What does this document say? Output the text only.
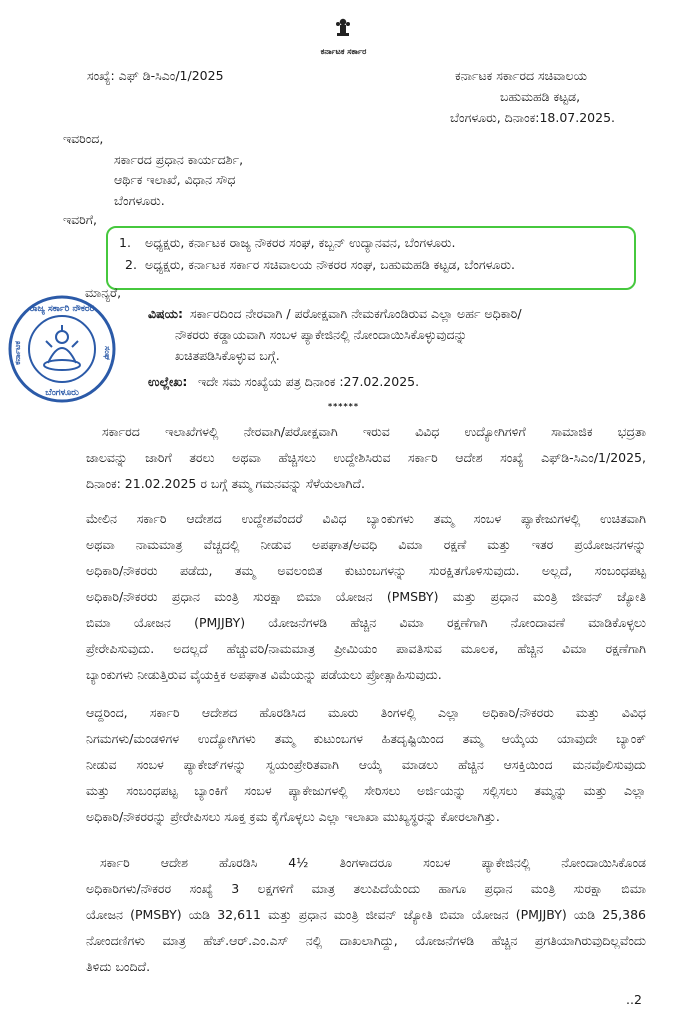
ಕರ್ನಾಟಕ ಸರ್ಕಾರ
ಸಂಖ್ಯೆ: ಎಫ್ ಡಿ-ಸಿಎಂ/1/2025	ಕರ್ನಾಟಕ ಸರ್ಕಾರದ ಸಚಿವಾಲಯ
ಬಹುಮಹಡಿ ಕಟ್ಟಡ,
ಬೆಂಗಳೂರು, ದಿನಾಂಕ:18.07.2025.
ಇವರಿಂದ,
ಸರ್ಕಾರದ ಪ್ರಧಾನ ಕಾರ್ಯದರ್ಶಿ,
ಆರ್ಥಿಕ ಇಲಾಖೆ, ವಿಧಾನ ಸೌಧ
ಬೆಂಗಳೂರು.
ಇವರಿಗೆ,
1. ಅಧ್ಯಕ್ಷರು, ಕರ್ನಾಟಕ ರಾಜ್ಯ ನೌಕರರ ಸಂಘ, ಕಬ್ಬನ್ ಉದ್ಯಾನವನ, ಬೆಂಗಳೂರು.
2. ಅಧ್ಯಕ್ಷರು, ಕರ್ನಾಟಕ ಸರ್ಕಾರ ಸಚಿವಾಲಯ ನೌಕರರ ಸಂಘ, ಬಹುಮಹಡಿ ಕಟ್ಟಡ, ಬೆಂಗಳೂರು.
ಮಾನ್ಯರೆ,
ರಾಜ್ಯ ಸರ್ಕಾರಿ ನೌಕರರ
ಕರ್ನಾಟಕ	ಸಂಘ
ಬೆಂಗಳೂರು
ವಿಷಯ: ಸರ್ಕಾರದಿಂದ ನೇರವಾಗಿ / ಪರೋಕ್ಷವಾಗಿ ನೇಮಕಗೊಂಡಿರುವ ಎಲ್ಲಾ ಅರ್ಹ ಅಧಿಕಾರಿ/
ನೌಕರರು ಕಡ್ಡಾಯವಾಗಿ ಸಂಬಳ ಪ್ಯಾಕೇಜಿನಲ್ಲಿ ನೋಂದಾಯಿಸಿಕೊಳ್ಳುವುದನ್ನು
ಖಚಿತಪಡಿಸಿಕೊಳ್ಳುವ ಬಗ್ಗೆ.
ಉಲ್ಲೇಖ: ಇದೇ ಸಮ ಸಂಖ್ಯೆಯ ಪತ್ರ ದಿನಾಂಕ :27.02.2025.
******
ಸರ್ಕಾರದ ಇಲಾಖೆಗಳಲ್ಲಿ ನೇರವಾಗಿ/ಪರೋಕ್ಷವಾಗಿ ಇರುವ ವಿವಿಧ ಉದ್ಯೋಗಿಗಳಿಗೆ ಸಾಮಾಜಿಕ ಭದ್ರತಾ
ಜಾಲವನ್ನು ಜಾರಿಗೆ ತರಲು ಅಥವಾ ಹೆಚ್ಚಿಸಲು ಉದ್ದೇಶಿಸಿರುವ ಸರ್ಕಾರಿ ಆದೇಶ ಸಂಖ್ಯೆ ಎಫ್‌ಡಿ-ಸಿಎಂ/1/2025,
ದಿನಾಂಕ: 21.02.2025 ರ ಬಗ್ಗೆ ತಮ್ಮ ಗಮನವನ್ನು ಸೆಳೆಯಲಾಗಿದೆ.
ಮೇಲಿನ ಸರ್ಕಾರಿ ಆದೇಶದ ಉದ್ದೇಶವೆಂದರೆ ವಿವಿಧ ಬ್ಯಾಂಕುಗಳು ತಮ್ಮ ಸಂಬಳ ಪ್ಯಾಕೇಜುಗಳಲ್ಲಿ ಉಚಿತವಾಗಿ
ಅಥವಾ ನಾಮಮಾತ್ರ ವೆಚ್ಚದಲ್ಲಿ ನೀಡುವ ಅಪಘಾತ/ಅವಧಿ ವಿಮಾ ರಕ್ಷಣೆ ಮತ್ತು ಇತರ ಪ್ರಯೋಜನಗಳನ್ನು
ಅಧಿಕಾರಿ/ನೌಕರರು ಪಡೆದು, ತಮ್ಮ ಅವಲಂಬಿತ ಕುಟುಂಬಗಳನ್ನು ಸುರಕ್ಷಿತಗೊಳಿಸುವುದು. ಅಲ್ಲದೆ, ಸಂಬಂಧಪಟ್ಟ
ಅಧಿಕಾರಿ/ನೌಕರರು ಪ್ರಧಾನ ಮಂತ್ರಿ ಸುರಕ್ಷಾ ಬಿಮಾ ಯೋಜನ (PMSBY) ಮತ್ತು ಪ್ರಧಾನ ಮಂತ್ರಿ ಜೀವನ್ ಜ್ಯೋತಿ
ಬಿಮಾ ಯೋಜನ (PMJJBY) ಯೋಜನೆಗಳಡಿ ಹೆಚ್ಚಿನ ವಿಮಾ ರಕ್ಷಣೆಗಾಗಿ ನೋಂದಾವಣೆ ಮಾಡಿಕೊಳ್ಳಲು
ಪ್ರೇರೇಪಿಸುವುದು. ಅದಲ್ಲದೆ ಹೆಚ್ಚುವರಿ/ನಾಮಮಾತ್ರ ಪ್ರೀಮಿಯಂ ಪಾವತಿಸುವ ಮೂಲಕ, ಹೆಚ್ಚಿನ ವಿಮಾ ರಕ್ಷಣೆಗಾಗಿ
ಬ್ಯಾಂಕುಗಳು ನೀಡುತ್ತಿರುವ ವೈಯಕ್ತಿಕ ಅಪಘಾತ ವಿಮೆಯನ್ನು ಪಡೆಯಲು ಪ್ರೋತ್ಸಾಹಿಸುವುದು.
ಆದ್ದರಿಂದ, ಸರ್ಕಾರಿ ಆದೇಶದ ಹೊರಡಿಸಿದ ಮೂರು ತಿಂಗಳಲ್ಲಿ ಎಲ್ಲಾ ಅಧಿಕಾರಿ/ನೌಕರರು ಮತ್ತು ವಿವಿಧ
ನಿಗಮಗಳು/ಮಂಡಳಿಗಳ ಉದ್ಯೋಗಿಗಳು ತಮ್ಮ ಕುಟುಂಬಗಳ ಹಿತದೃಷ್ಟಿಯಿಂದ ತಮ್ಮ ಆಯ್ಕೆಯ ಯಾವುದೇ ಬ್ಯಾಂಕ್
ನೀಡುವ ಸಂಬಳ ಪ್ಯಾಕೇಜ್‌ಗಳನ್ನು ಸ್ವಯಂಪ್ರೇರಿತವಾಗಿ ಆಯ್ಕೆ ಮಾಡಲು ಹೆಚ್ಚಿನ ಆಸಕ್ತಿಯಿಂದ ಮನವೊಲಿಸುವುದು
ಮತ್ತು ಸಂಬಂಧಪಟ್ಟ ಬ್ಯಾಂಕಿಗೆ ಸಂಬಳ ಪ್ಯಾಕೇಜುಗಳಲ್ಲಿ ಸೇರಿಸಲು ಅರ್ಜಿಯನ್ನು ಸಲ್ಲಿಸಲು ತಮ್ಮನ್ನು ಮತ್ತು ಎಲ್ಲಾ
ಅಧಿಕಾರಿ/ನೌಕರರನ್ನು ಪ್ರೇರೇಪಿಸಲು ಸೂಕ್ತ ಕ್ರಮ ಕೈಗೊಳ್ಳಲು ಎಲ್ಲಾ ಇಲಾಖಾ ಮುಖ್ಯಸ್ಥರನ್ನು ಕೋರಲಾಗಿತ್ತು.
ಸರ್ಕಾರಿ ಆದೇಶ ಹೊರಡಿಸಿ 4½ ತಿಂಗಳಾದರೂ ಸಂಬಳ ಪ್ಯಾಕೇಜಿನಲ್ಲಿ ನೋಂದಾಯಿಸಿಕೊಂಡ
ಅಧಿಕಾರಿಗಳು/ನೌಕರರ ಸಂಖ್ಯೆ 3 ಲಕ್ಷಗಳಿಗೆ ಮಾತ್ರ ತಲುಪಿದೆಯೆಂದು ಹಾಗೂ ಪ್ರಧಾನ ಮಂತ್ರಿ ಸುರಕ್ಷಾ ಬಿಮಾ
ಯೋಜನ (PMSBY) ಯಡಿ 32,611 ಮತ್ತು ಪ್ರಧಾನ ಮಂತ್ರಿ ಜೀವನ್ ಜ್ಯೋತಿ ಬಿಮಾ ಯೋಜನ (PMJJBY) ಯಡಿ 25,386
ನೋಂದಣಿಗಳು ಮಾತ್ರ ಹೆಚ್.ಆರ್.ಎಂ.ಎಸ್ ನಲ್ಲಿ ದಾಖಲಾಗಿದ್ದು, ಯೋಜನೆಗಳಡಿ ಹೆಚ್ಚಿನ ಪ್ರಗತಿಯಾಗಿರುವುದಿಲ್ಲವೆಂದು
ತಿಳಿದು ಬಂದಿದೆ.
..2
